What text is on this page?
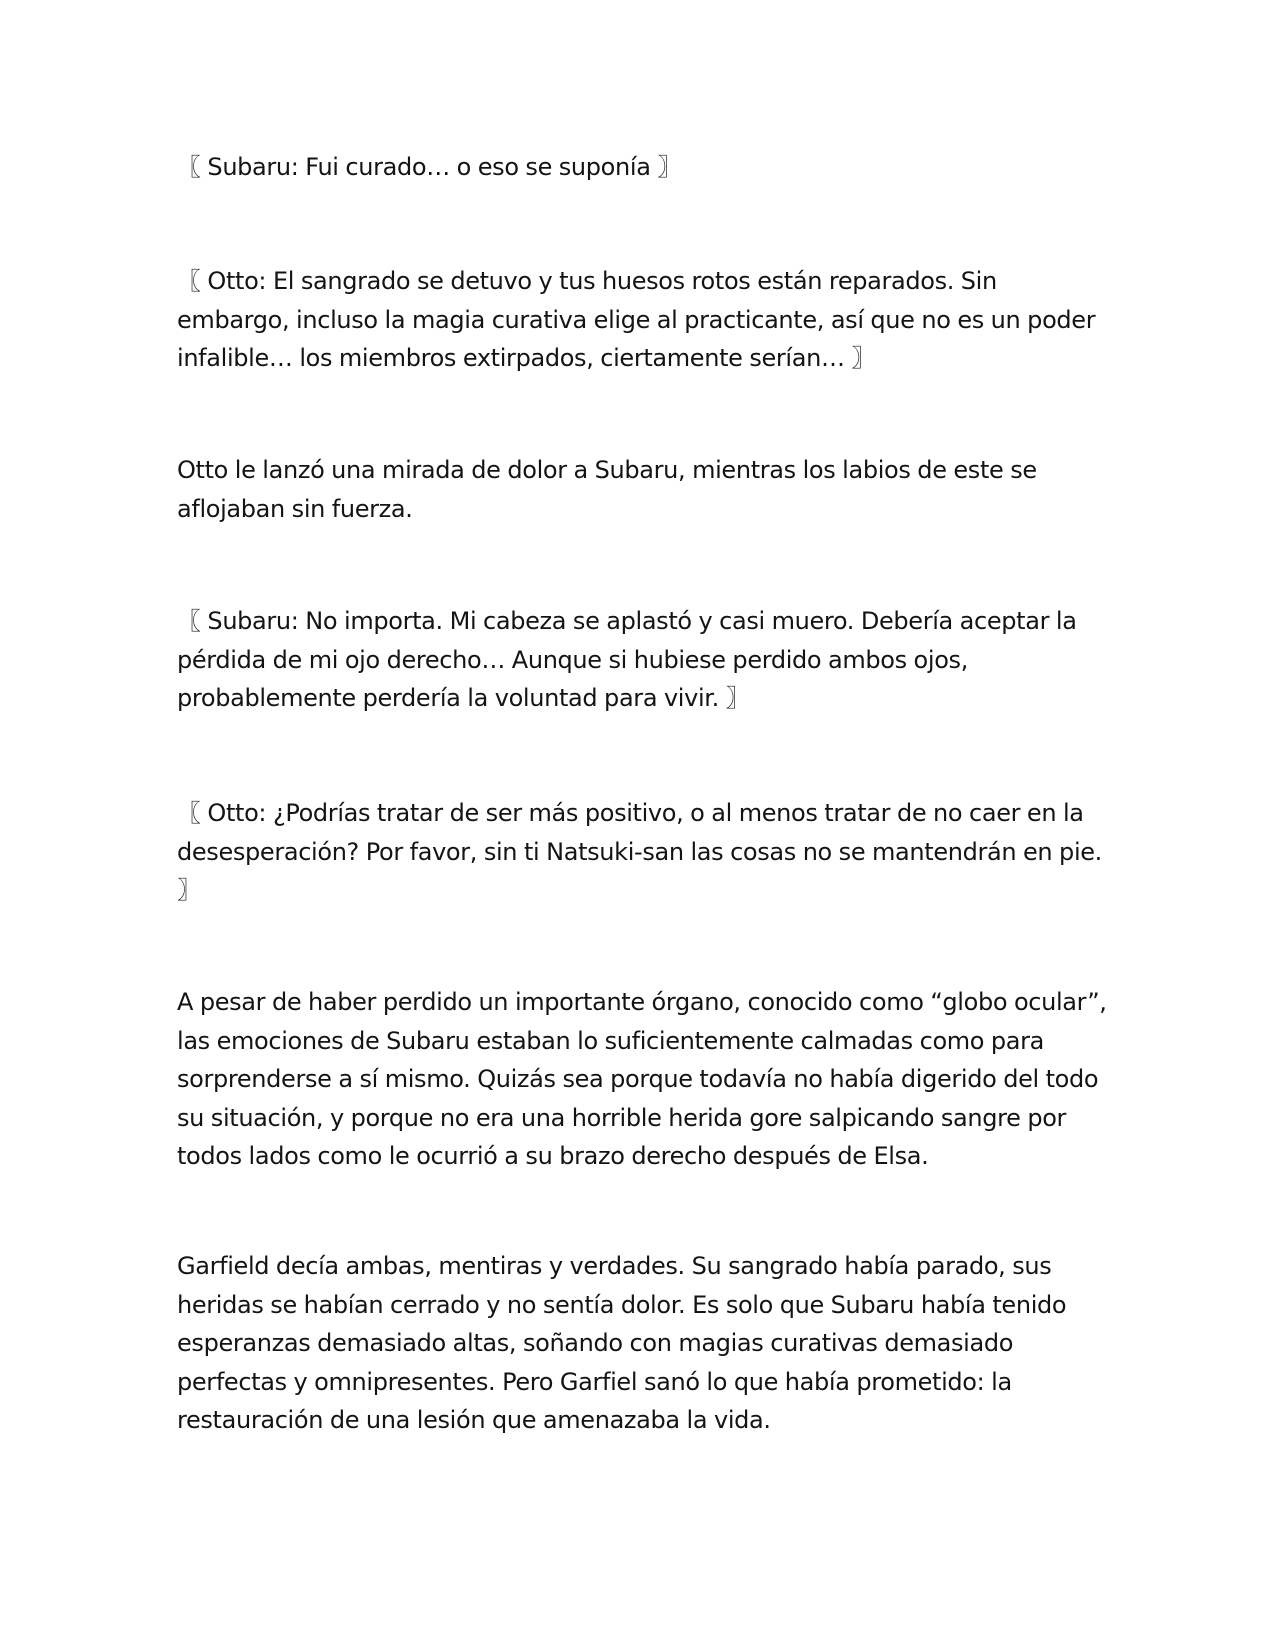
〖 Subaru: Fui curado… o eso se suponía 〗

〖 Otto: El sangrado se detuvo y tus huesos rotos están reparados. Sin embargo, incluso la magia curativa elige al practicante, así que no es un poder infalible… los miembros extirpados, ciertamente serían… 〗

Otto le lanzó una mirada de dolor a Subaru, mientras los labios de este se aflojaban sin fuerza.

〖 Subaru: No importa. Mi cabeza se aplastó y casi muero. Debería aceptar la pérdida de mi ojo derecho… Aunque si hubiese perdido ambos ojos, probablemente perdería la voluntad para vivir. 〗

〖 Otto: ¿Podrías tratar de ser más positivo, o al menos tratar de no caer en la desesperación? Por favor, sin ti Natsuki-san las cosas no se mantendrán en pie. 〗

A pesar de haber perdido un importante órgano, conocido como “globo ocular”, las emociones de Subaru estaban lo suficientemente calmadas como para sorprenderse a sí mismo. Quizás sea porque todavía no había digerido del todo su situación, y porque no era una horrible herida gore salpicando sangre por todos lados como le ocurrió a su brazo derecho después de Elsa.

Garfield decía ambas, mentiras y verdades. Su sangrado había parado, sus heridas se habían cerrado y no sentía dolor. Es solo que Subaru había tenido esperanzas demasiado altas, soñando con magias curativas demasiado perfectas y omnipresentes. Pero Garfiel sanó lo que había prometido: la restauración de una lesión que amenazaba la vida.
